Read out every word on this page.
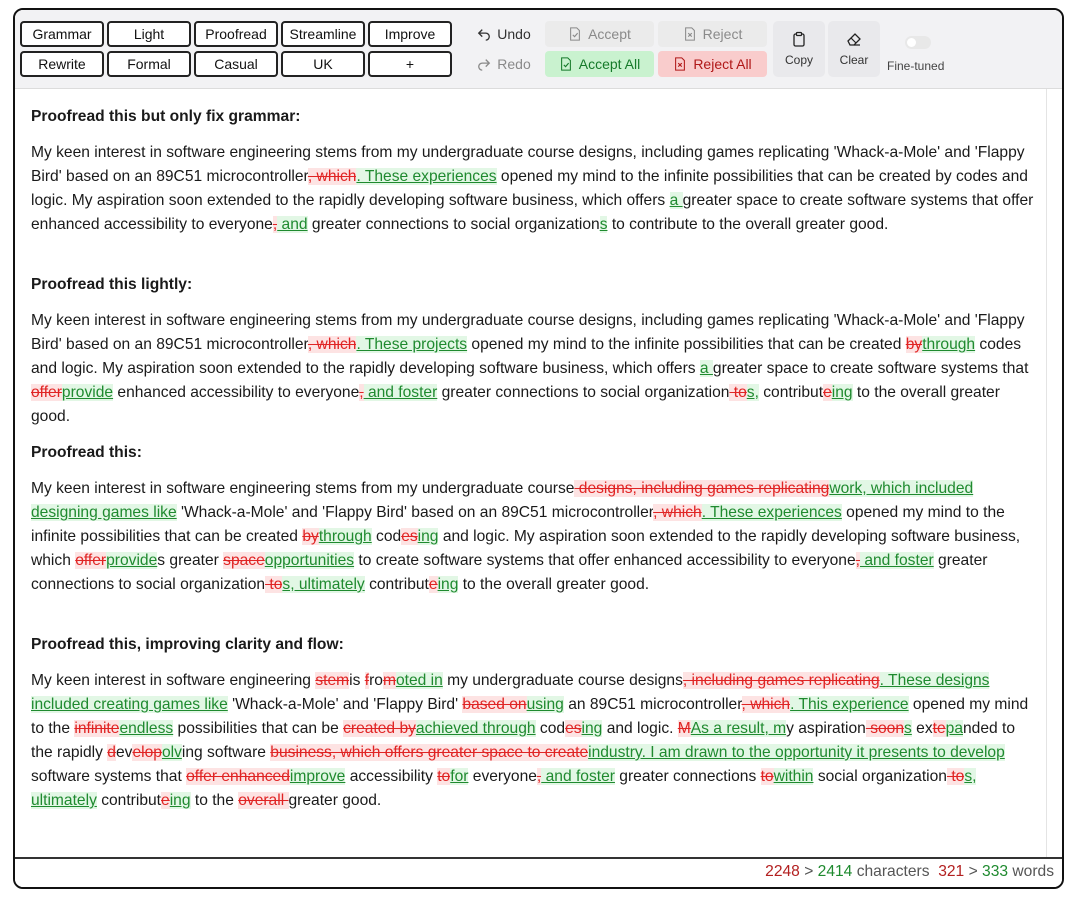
Grammar	Light	Proofread	Streamline	Improve
Rewrite	Formal	Casual	UK	+
Undo
Redo
Accept
Accept All
Reject
Reject All	Copy Clear Fine-tuned

Proofread this but only fix grammar:

My keen interest in software engineering stems from my undergraduate course designs, including games replicating 'Whack-a-Mole' and 'Flappy Bird' based on an 89C51 microcontroller, which. These experiences opened my mind to the infinite possibilities that can be created by codes and logic. My aspiration soon extended to the rapidly developing software business, which offers a greater space to create software systems that offer enhanced accessibility to everyone, and greater connections to social organizations to contribute to the overall greater good.

Proofread this lightly:

My keen interest in software engineering stems from my undergraduate course designs, including games replicating 'Whack-a-Mole' and 'Flappy Bird' based on an 89C51 microcontroller, which. These projects opened my mind to the infinite possibilities that can be created bythrough codes and logic. My aspiration soon extended to the rapidly developing software business, which offers a greater space to create software systems that offerprovide enhanced accessibility to everyone, and foster greater connections to social organization tos, contributeing to the overall greater good.

Proofread this:

My keen interest in software engineering stems from my undergraduate course designs, including games replicatingwork, which included designing games like 'Whack-a-Mole' and 'Flappy Bird' based on an 89C51 microcontroller, which. These experiences opened my mind to the infinite possibilities that can be created bythrough codesing and logic. My aspiration soon extended to the rapidly developing software business, which offerprovides greater spaceopportunities to create software systems that offer enhanced accessibility to everyone, and foster greater connections to social organization tos, ultimately contributeing to the overall greater good.

Proofread this, improving clarity and flow:

My keen interest in software engineering stemis fromoted in my undergraduate course designs, including games replicating. These designs included creating games like 'Whack-a-Mole' and 'Flappy Bird' based onusing an 89C51 microcontroller, which. This experience opened my mind to the infiniteendless possibilities that can be created byachieved through codesing and logic. MAs a result, my aspiration soons extepanded to the rapidly developolving software business, which offers greater space to createindustry. I am drawn to the opportunity it presents to develop software systems that offer enhancedimprove accessibility tofor everyone, and foster greater connections towithin social organization tos, ultimately contributeing to the overall greater good.

2248 > 2414 characters 321 > 333 words
